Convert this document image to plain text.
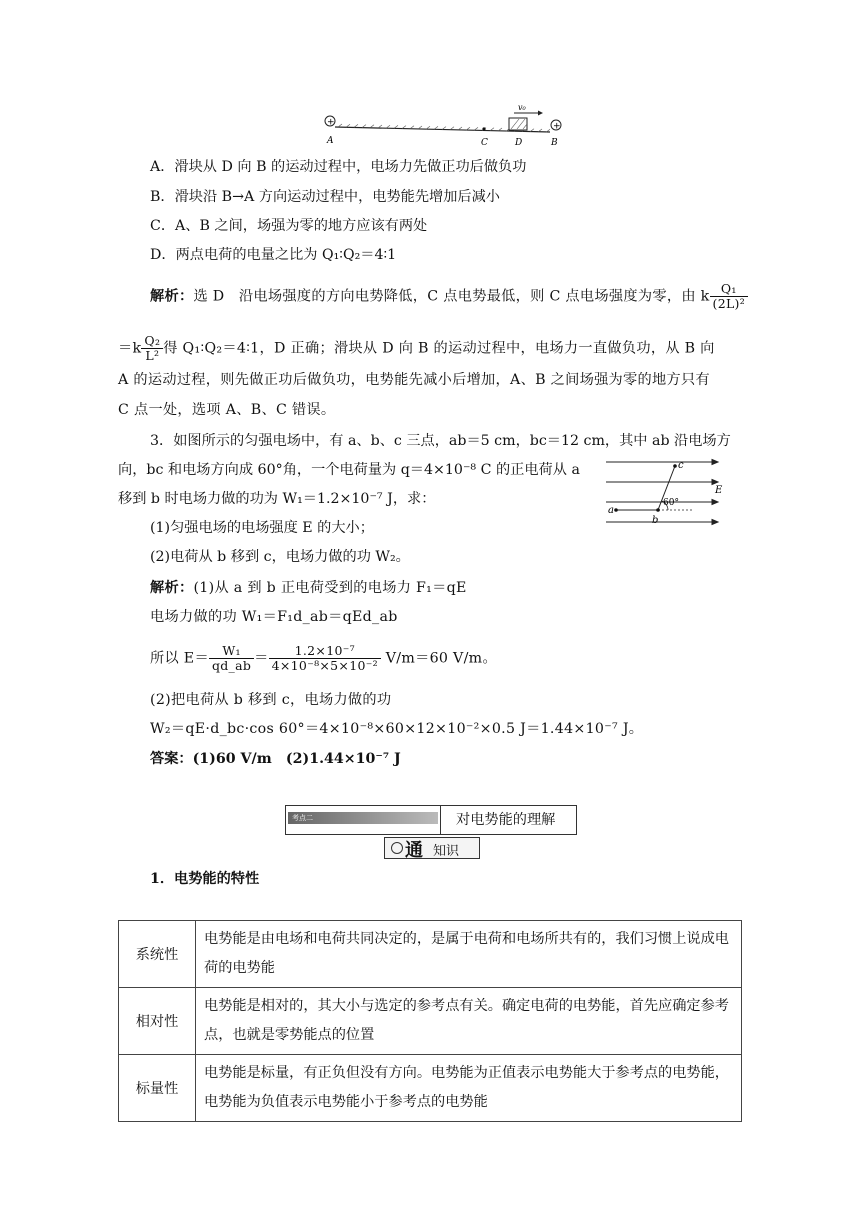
+
v₀
+
A	C	D	B
A．滑块从 D 向 B 的运动过程中，电场力先做正功后做负功
B．滑块沿 B→A 方向运动过程中，电势能先增加后减小
C．A、B 之间，场强为零的地方应该有两处
D．两点电荷的电量之比为 Q₁∶Q₂＝4∶1
解析：选 D　沿电场强度的方向电势降低，C 点电势最低，则 C 点电场强度为零，由 k $\frac{\text{Q₁}}{\text{(2L)²}}$
$=k \frac{\text{Q₂}}{\text{L²}}$ 得 Q₁∶Q₂＝4∶1，D 正确；滑块从 D 向 B 的运动过程中，电场力一直做负功，从 B 向
A 的运动过程，则先做正功后做负功，电势能先减小后增加，A、B 之间场强为零的地方只有
C 点一处，选项 A、B、C 错误。
3．如图所示的匀强电场中，有 a、b、c 三点，ab＝5 cm，bc＝12 cm，其中 ab 沿电场方
向，bc 和电场方向成 60°角，一个电荷量为 q＝4×10⁻⁸ C 的正电荷从 a
移到 b 时电场力做的功为 W₁＝1.2×10⁻⁷ J，求：
(1)匀强电场的电场强度 E 的大小；
(2)电荷从 b 移到 c，电场力做的功 W₂。
c
a
b
60°
E
解析：(1)从 a 到 b 正电荷受到的电场力 F₁＝qE
电场力做的功 W₁＝F₁d_ab＝qEd_ab
所以 $E= \frac{\text{W₁}}{qd\_ab} = \frac{\text{1.2×10⁻⁷}}{\text{4×10⁻⁸×5×10⁻²}} V/m=60$ V/m。
(2)把电荷从 b 移到 c，电场力做的功
W₂＝qE·d_bc·cos 60°＝4×10⁻⁸×60×12×10⁻²×0.5 J＝1.44×10⁻⁷ J。
答案：(1)60 V/m　(2)1.44×10⁻⁷ J
考点二	对电势能的理解
通 知识
1．电势能的特性
系统性	电势能是由电场和电荷共同决定的，是属于电荷和电场所共有的，我们习惯上说成电荷的电势能
相对性	电势能是相对的，其大小与选定的参考点有关。确定电荷的电势能，首先应确定参考点，也就是零势能点的位置
标量性	电势能是标量，有正负但没有方向。电势能为正值表示电势能大于参考点的电势能，电势能为负值表示电势能小于参考点的电势能
